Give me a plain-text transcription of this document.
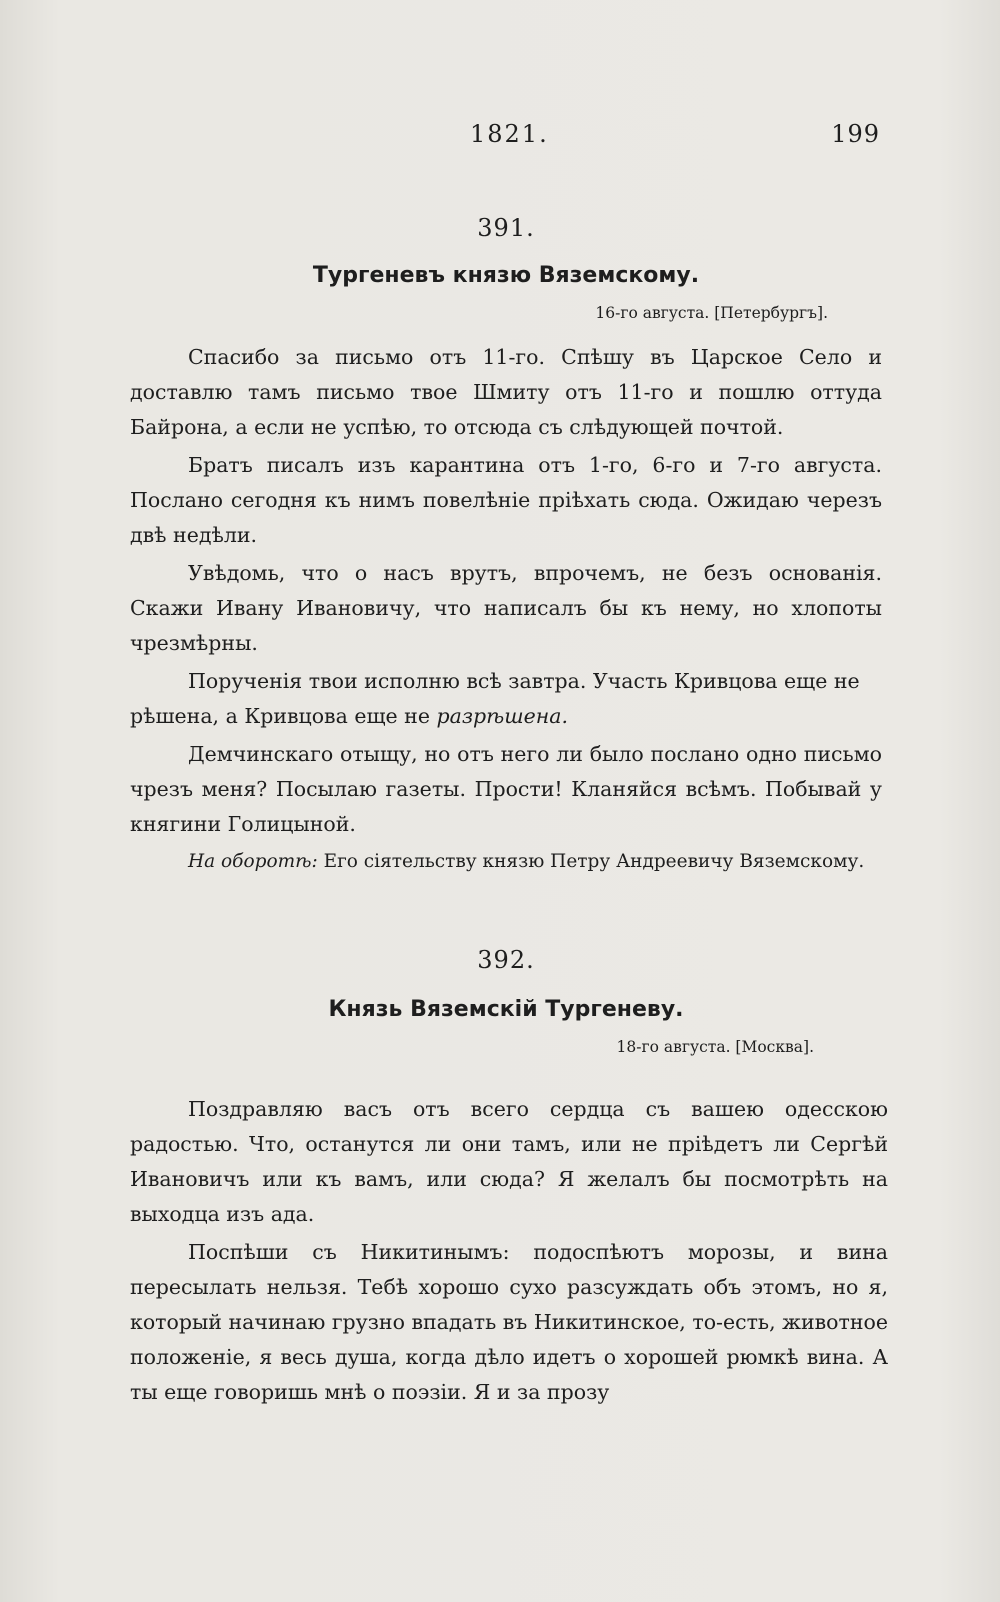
1821.	199
391.
Тургеневъ князю Вяземскому.
16-го августа. [Петербургъ].

Спасибо за письмо отъ 11-го. Спѣшу въ Царское Село и доставлю тамъ письмо твое Шмиту отъ 11-го и пошлю оттуда Байрона, а если не успѣю, то отсюда съ слѣдующей почтой.

Братъ писалъ изъ карантина отъ 1-го, 6-го и 7-го августа. Послано сегодня къ нимъ повелѣніе пріѣхать сюда. Ожидаю черезъ двѣ недѣли.

Увѣдомь, что о насъ врутъ, впрочемъ, не безъ основанія. Скажи Ивану Ивановичу, что написалъ бы къ нему, но хлопоты чрезмѣрны.

Порученія твои исполню всѣ завтра. Участь Кривцова еще не рѣшена, а Кривцова еще не разрѣшена.

Демчинскаго отыщу, но отъ него ли было послано одно письмо чрезъ меня? Посылаю газеты. Прости! Кланяйся всѣмъ. Побывай у княгини Голицыной.

На оборотѣ: Его сіятельству князю Петру Андреевичу Вяземскому.

392.
Князь Вяземскій Тургеневу.
18-го августа. [Москва].

Поздравляю васъ отъ всего сердца съ вашею одесскою радостью. Что, останутся ли они тамъ, или не пріѣдетъ ли Сергѣй Ивановичъ или къ вамъ, или сюда? Я желалъ бы посмотрѣть на выходца изъ ада.

Поспѣши съ Никитинымъ: подоспѣютъ морозы, и вина пересылать нельзя. Тебѣ хорошо сухо разсуждать объ этомъ, но я, который начинаю грузно впадать въ Никитинское, то-есть, животное положеніе, я весь душа, когда дѣло идетъ о хорошей рюмкѣ вина. А ты еще говоришь мнѣ о поэзіи. Я и за прозу
